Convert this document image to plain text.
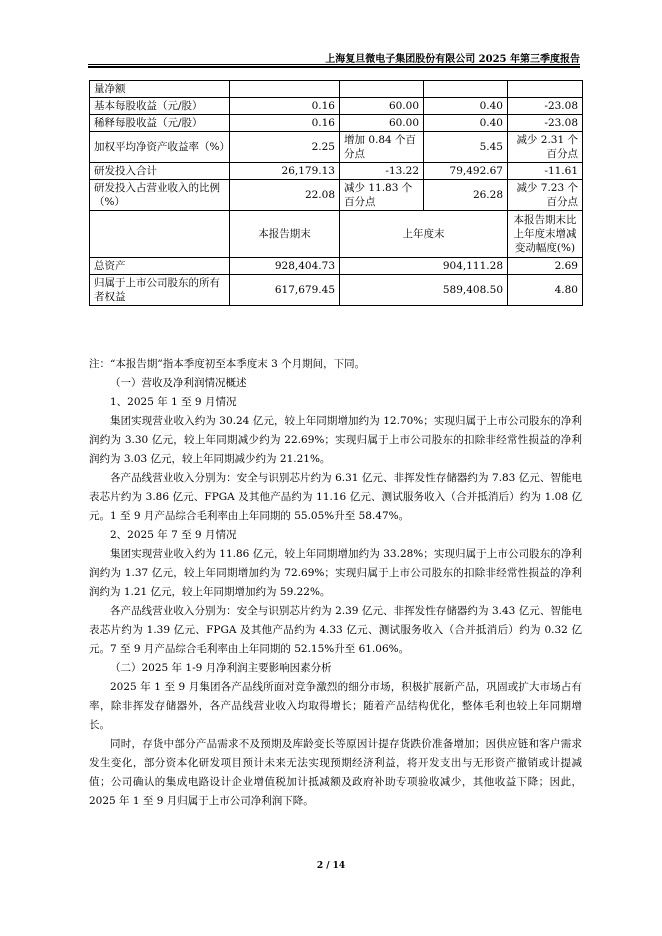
上海复旦微电子集团股份有限公司 2025 年第三季度报告
量净额				
基本每股收益（元/股）	0.16	60.00	0.40	-23.08
稀释每股收益（元/股）	0.16	60.00	0.40	-23.08
加权平均净资产收益率（%）	2.25	增加 0.84 个百分点	5.45	减少 2.31 个百分点
研发投入合计	26,179.13	-13.22	79,492.67	-11.61
研发投入占营业收入的比例（%）	22.08	减少 11.83 个百分点	26.28	减少 7.23 个百分点
	本报告期末	上年度末		本报告期末比上年度末增减变动幅度(%)
总资产	928,404.73	904,111.28		2.69
归属于上市公司股东的所有者权益	617,679.45	589,408.50		4.80

注：“本报告期”指本季度初至本季度末 3 个月期间，下同。

（一）营收及净利润情况概述

1、2025 年 1 至 9 月情况

集团实现营业收入约为 30.24 亿元，较上年同期增加约为 12.70%；实现归属于上市公司股东的净利润约为 3.30 亿元，较上年同期减少约为 22.69%；实现归属于上市公司股东的扣除非经常性损益的净利润约为 3.03 亿元，较上年同期减少约为 21.21%。

各产品线营业收入分别为：安全与识别芯片约为 6.31 亿元、非挥发性存储器约为 7.83 亿元、智能电表芯片约为 3.86 亿元、FPGA 及其他产品约为 11.16 亿元、测试服务收入（合并抵消后）约为 1.08 亿元。1 至 9 月产品综合毛利率由上年同期的 55.05%升至 58.47%。

2、2025 年 7 至 9 月情况

集团实现营业收入约为 11.86 亿元，较上年同期增加约为 33.28%；实现归属于上市公司股东的净利润约为 1.37 亿元，较上年同期增加约为 72.69%；实现归属于上市公司股东的扣除非经常性损益的净利润约为 1.21 亿元，较上年同期增加约为 59.22%。

各产品线营业收入分别为：安全与识别芯片约为 2.39 亿元、非挥发性存储器约为 3.43 亿元、智能电表芯片约为 1.39 亿元、FPGA 及其他产品约为 4.33 亿元、测试服务收入（合并抵消后）约为 0.32 亿元。7 至 9 月产品综合毛利率由上年同期的 52.15%升至 61.06%。

（二）2025 年 1-9 月净利润主要影响因素分析

2025 年 1 至 9 月集团各产品线所面对竞争激烈的细分市场，积极扩展新产品，巩固或扩大市场占有率，除非挥发存储器外，各产品线营业收入均取得增长；随着产品结构优化，整体毛利也较上年同期增长。

同时，存货中部分产品需求不及预期及库龄变长等原因计提存货跌价准备增加；因供应链和客户需求发生变化，部分资本化研发项目预计未来无法实现预期经济利益，将开发支出与无形资产撤销或计提减值；公司确认的集成电路设计企业增值税加计抵减额及政府补助专项验收减少，其他收益下降；因此，2025 年 1 至 9 月归属于上市公司净利润下降。

2 / 14
